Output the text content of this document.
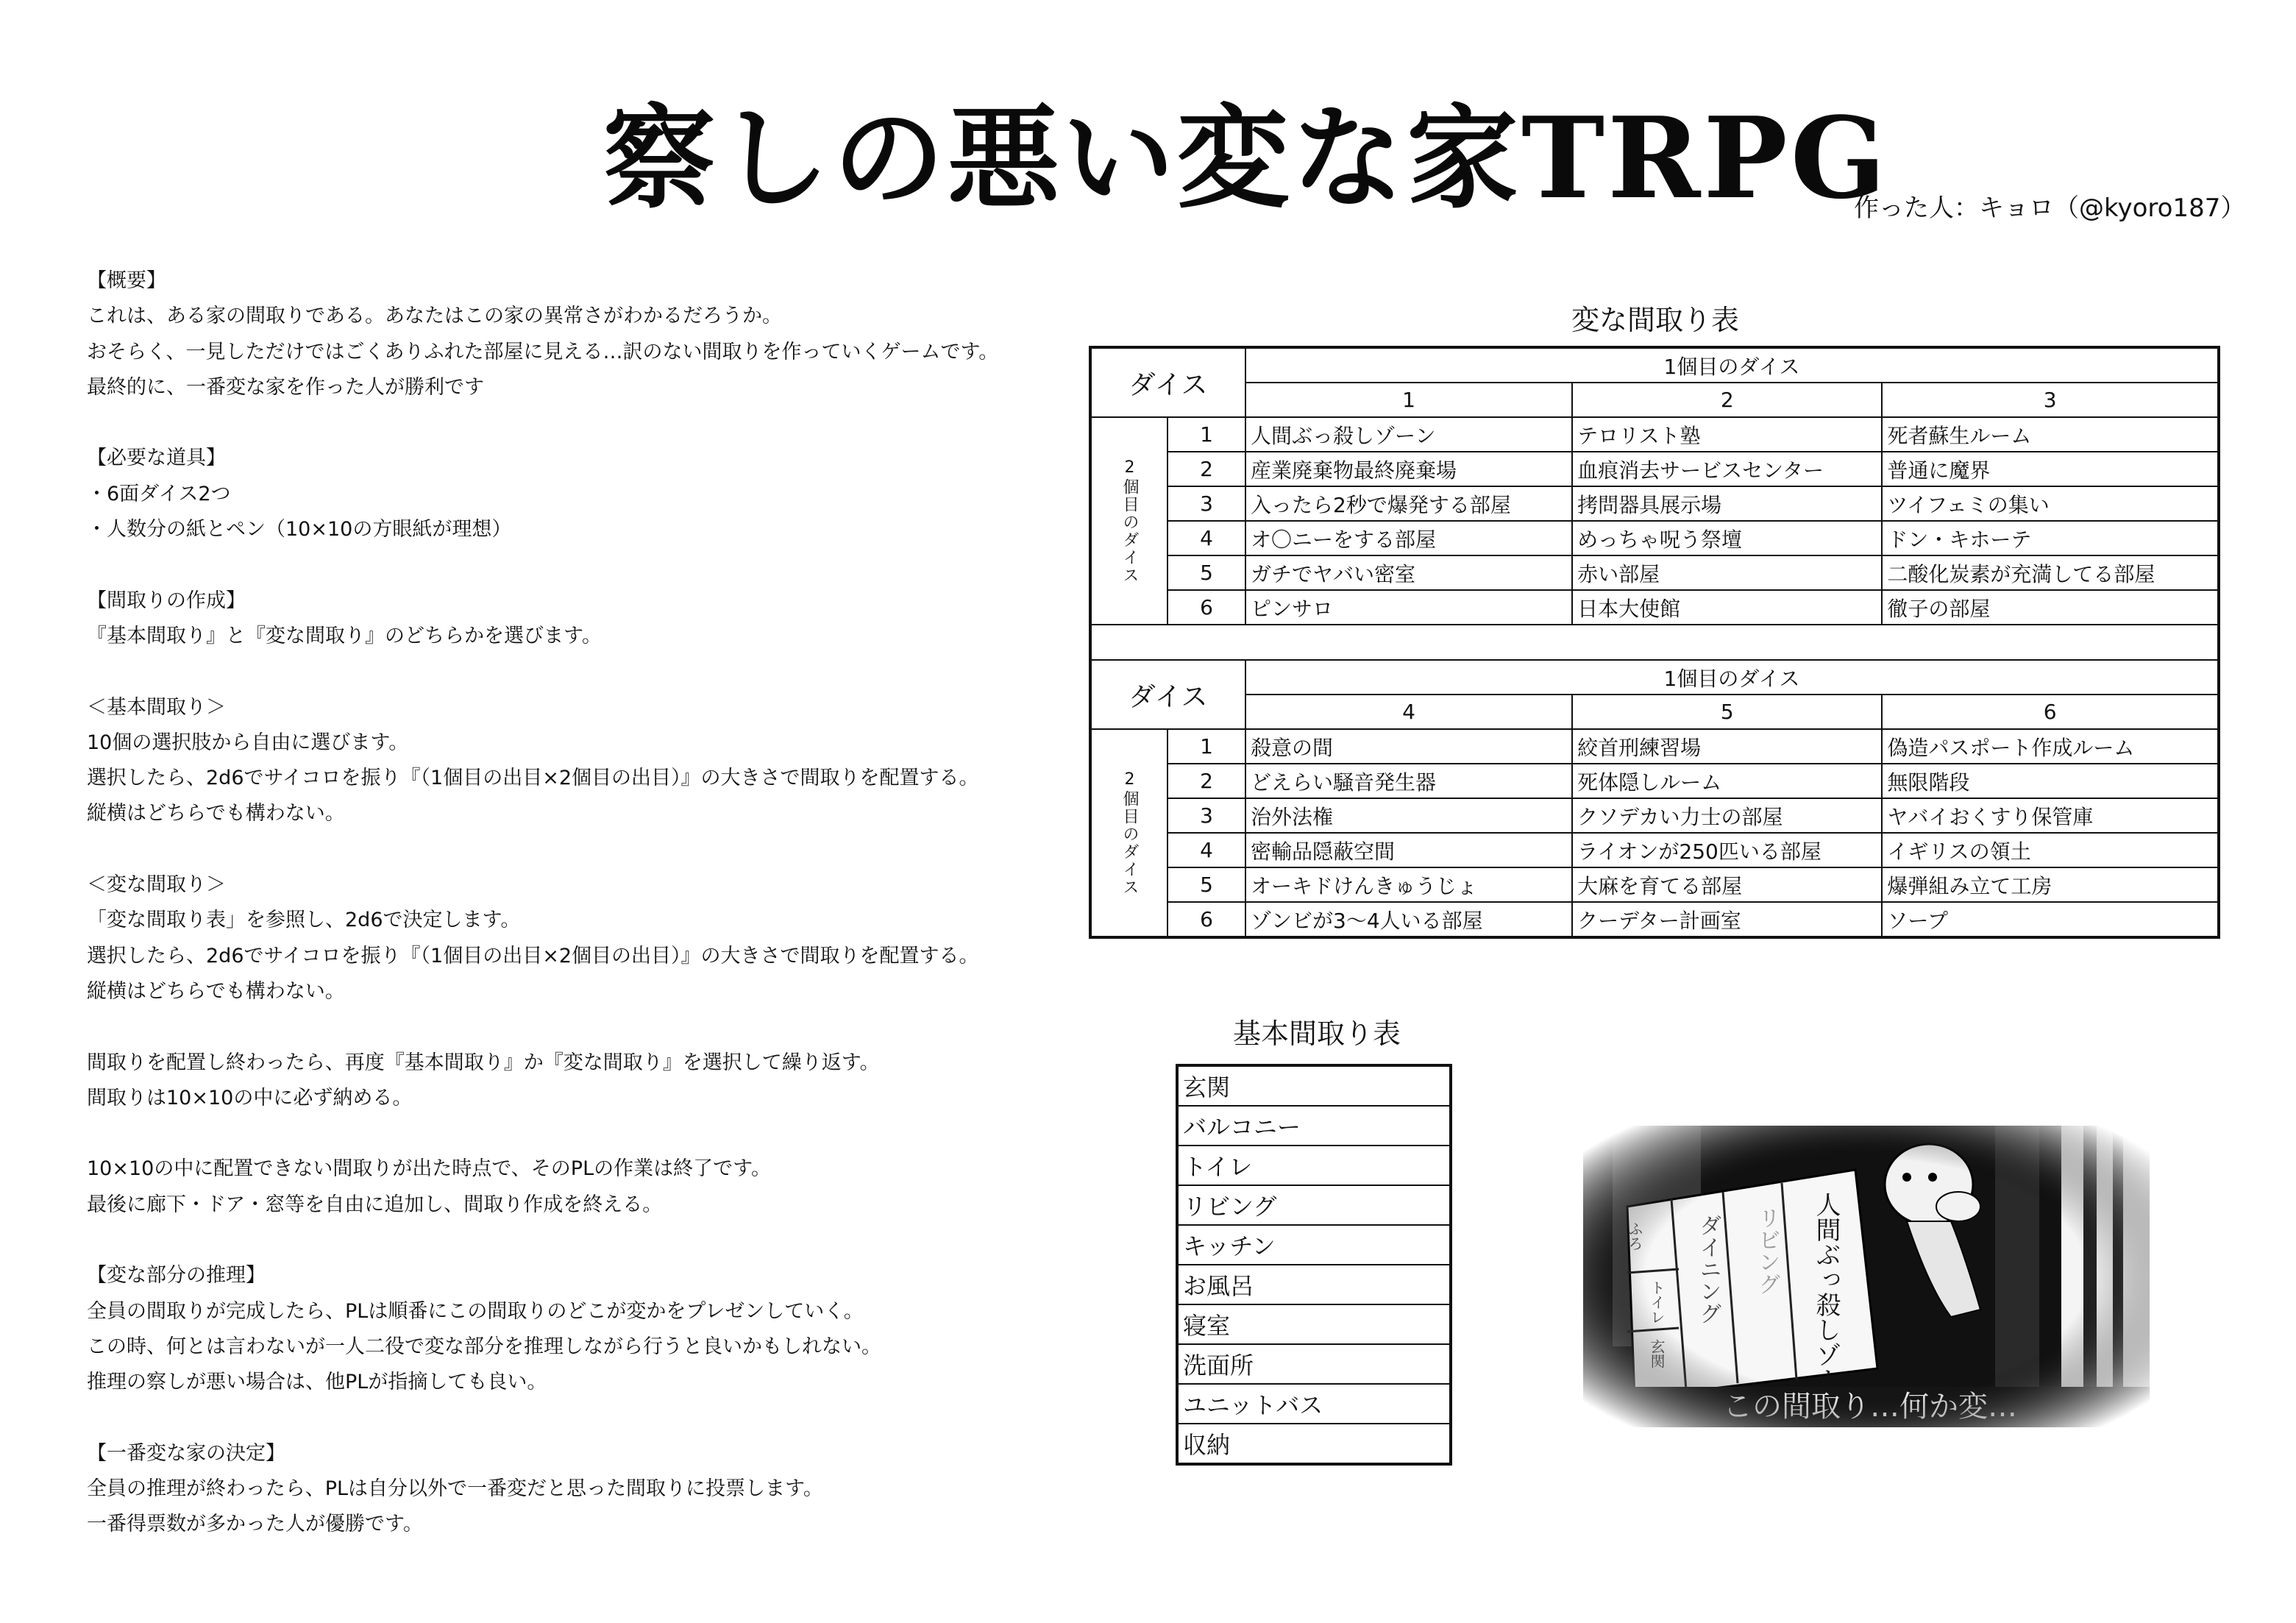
察しの悪い変な家TRPG
作った人：キョロ（@kyoro187）
【概要】
これは、ある家の間取りである。あなたはこの家の異常さがわかるだろうか。
おそらく、一見しただけではごくありふれた部屋に見える…訳のない間取りを作っていくゲームです。
最終的に、一番変な家を作った人が勝利です

【必要な道具】
・6面ダイス2つ
・人数分の紙とペン（10×10の方眼紙が理想）

【間取りの作成】
『基本間取り』と『変な間取り』のどちらかを選びます。

＜基本間取り＞
10個の選択肢から自由に選びます。
選択したら、2d6でサイコロを振り『（1個目の出目×2個目の出目）』の大きさで間取りを配置する。
縦横はどちらでも構わない。

＜変な間取り＞
「変な間取り表」を参照し、2d6で決定します。
選択したら、2d6でサイコロを振り『（1個目の出目×2個目の出目）』の大きさで間取りを配置する。
縦横はどちらでも構わない。

間取りを配置し終わったら、再度『基本間取り』か『変な間取り』を選択して繰り返す。
間取りは10×10の中に必ず納める。

10×10の中に配置できない間取りが出た時点で、そのPLの作業は終了です。
最後に廊下・ドア・窓等を自由に追加し、間取り作成を終える。

【変な部分の推理】
全員の間取りが完成したら、PLは順番にこの間取りのどこが変かをプレゼンしていく。
この時、何とは言わないが一人二役で変な部分を推理しながら行うと良いかもしれない。
推理の察しが悪い場合は、他PLが指摘しても良い。

【一番変な家の決定】
全員の推理が終わったら、PLは自分以外で一番変だと思った間取りに投票します。
一番得票数が多かった人が優勝です。
変な間取り表
ダイス		1個目のダイス		
		1	2	3
2個目のダイス	1	人間ぶっ殺しゾーン	テロリスト塾	死者蘇生ルーム
	2	産業廃棄物最終廃棄場	血痕消去サービスセンター	普通に魔界
	3	入ったら2秒で爆発する部屋	拷問器具展示場	ツイフェミの集い
	4	オ〇ニーをする部屋	めっちゃ呪う祭壇	ドン・キホーテ
	5	ガチでヤバい密室	赤い部屋	二酸化炭素が充満してる部屋
	6	ピンサロ	日本大使館	徹子の部屋

ダイス		1個目のダイス		
		4	5	6
2個目のダイス	1	殺意の間	絞首刑練習場	偽造パスポート作成ルーム
	2	どえらい騒音発生器	死体隠しルーム	無限階段
	3	治外法権	クソデカい力士の部屋	ヤバイおくすり保管庫
	4	密輸品隠蔽空間	ライオンが250匹いる部屋	イギリスの領土
	5	オーキドけんきゅうじょ	大麻を育てる部屋	爆弾組み立て工房
	6	ゾンビが3～4人いる部屋	クーデター計画室	ソープ
基本間取り表
玄関
バルコニー
トイレ
リビング
キッチン
お風呂
寝室
洗面所
ユニットバス
収納
